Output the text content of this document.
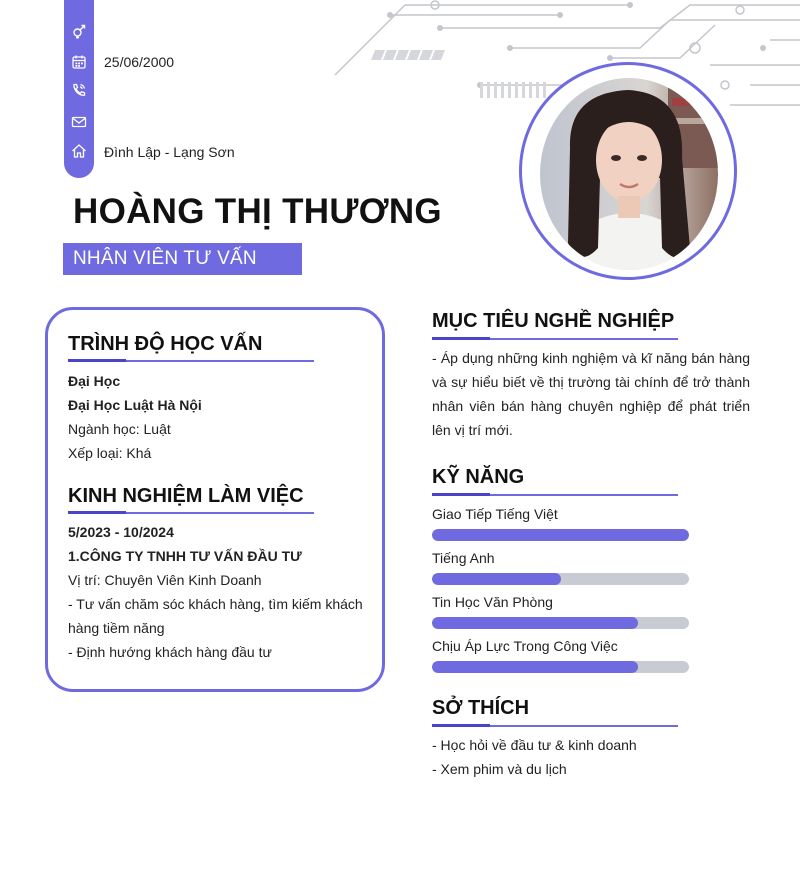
25/06/2000
Đình Lập - Lạng Sơn
HOÀNG THỊ THƯƠNG
NHÂN VIÊN TƯ VẤN
TRÌNH ĐỘ HỌC VẤN
Đại Học
Đại Học Luật Hà Nội
Ngành học: Luật
Xếp loại: Khá
KINH NGHIỆM LÀM VIỆC
5/2023 - 10/2024
1.CÔNG TY TNHH TƯ VẤN ĐẦU TƯ
Vị trí: Chuyên Viên Kinh Doanh
- Tư vấn chăm sóc khách hàng, tìm kiếm khách
hàng tiềm năng
- Định hướng khách hàng đầu tư
MỤC TIÊU NGHỀ NGHIỆP
- Áp dụng những kinh nghiệm và kĩ năng bán hàng và sự hiểu biết về thị trường tài chính để trở thành nhân viên bán hàng chuyên nghiệp để phát triển lên vị trí mới.
KỸ NĂNG
Giao Tiếp Tiếng Việt
Tiếng Anh
Tin Học Văn Phòng
Chịu Áp Lực Trong Công Việc
SỞ THÍCH
- Học hỏi về đầu tư & kinh doanh
- Xem phim và du lịch
